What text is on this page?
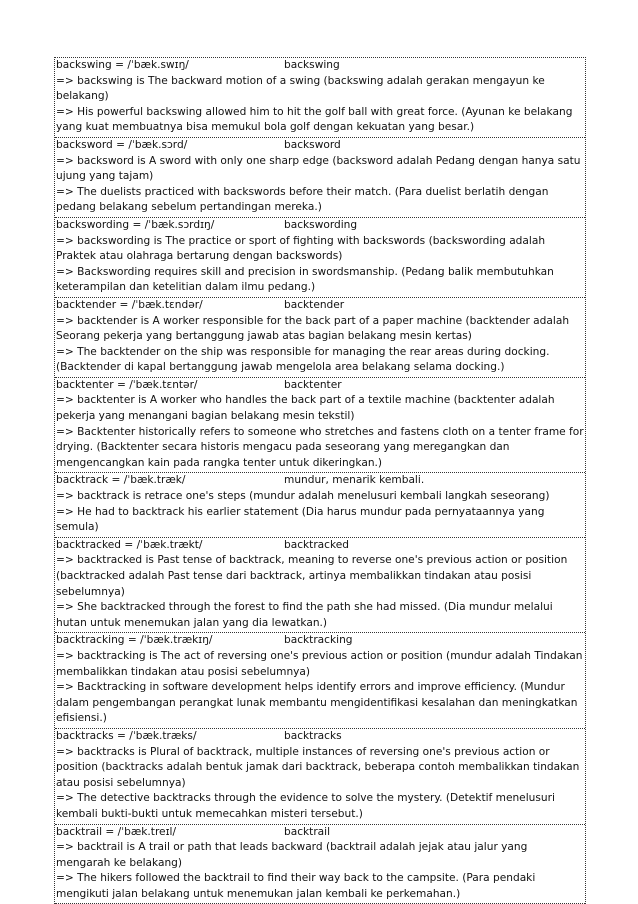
backswing = /ˈbæk.swɪŋ/	backswing
=> backswing is The backward motion of a swing (backswing adalah gerakan mengayun ke belakang)
=> His powerful backswing allowed him to hit the golf ball with great force. (Ayunan ke belakang yang kuat membuatnya bisa memukul bola golf dengan kekuatan yang besar.)
backsword = /ˈbæk.sɔrd/	backsword
=> backsword is A sword with only one sharp edge (backsword adalah Pedang dengan hanya satu ujung yang tajam)
=> The duelists practiced with backswords before their match. (Para duelist berlatih dengan pedang belakang sebelum pertandingan mereka.)
backswording = /ˈbæk.sɔrdɪŋ/	backswording
=> backswording is The practice or sport of fighting with backswords (backswording adalah Praktek atau olahraga bertarung dengan backswords)
=> Backswording requires skill and precision in swordsmanship. (Pedang balik membutuhkan keterampilan dan ketelitian dalam ilmu pedang.)
backtender = /ˈbæk.tɛndər/	backtender
=> backtender is A worker responsible for the back part of a paper machine (backtender adalah Seorang pekerja yang bertanggung jawab atas bagian belakang mesin kertas)
=> The backtender on the ship was responsible for managing the rear areas during docking. (Backtender di kapal bertanggung jawab mengelola area belakang selama docking.)
backtenter = /ˈbæk.tɛntər/	backtenter
=> backtenter is A worker who handles the back part of a textile machine (backtenter adalah pekerja yang menangani bagian belakang mesin tekstil)
=> Backtenter historically refers to someone who stretches and fastens cloth on a tenter frame for drying. (Backtenter secara historis mengacu pada seseorang yang meregangkan dan mengencangkan kain pada rangka tenter untuk dikeringkan.)
backtrack = /ˈbæk.træk/	mundur, menarik kembali.
=> backtrack is retrace one's steps (mundur adalah menelusuri kembali langkah seseorang)
=> He had to backtrack his earlier statement (Dia harus mundur pada pernyataannya yang semula)
backtracked = /ˈbæk.trækt/	backtracked
=> backtracked is Past tense of backtrack, meaning to reverse one's previous action or position (backtracked adalah Past tense dari backtrack, artinya membalikkan tindakan atau posisi sebelumnya)
=> She backtracked through the forest to find the path she had missed. (Dia mundur melalui hutan untuk menemukan jalan yang dia lewatkan.)
backtracking = /ˈbæk.trækɪŋ/	backtracking
=> backtracking is The act of reversing one's previous action or position (mundur adalah Tindakan membalikkan tindakan atau posisi sebelumnya)
=> Backtracking in software development helps identify errors and improve efficiency. (Mundur dalam pengembangan perangkat lunak membantu mengidentifikasi kesalahan dan meningkatkan efisiensi.)
backtracks = /ˈbæk.træks/	backtracks
=> backtracks is Plural of backtrack, multiple instances of reversing one's previous action or position (backtracks adalah bentuk jamak dari backtrack, beberapa contoh membalikkan tindakan atau posisi sebelumnya)
=> The detective backtracks through the evidence to solve the mystery. (Detektif menelusuri kembali bukti-bukti untuk memecahkan misteri tersebut.)
backtrail = /ˈbæk.treɪl/	backtrail
=> backtrail is A trail or path that leads backward (backtrail adalah jejak atau jalur yang mengarah ke belakang)
=> The hikers followed the backtrail to find their way back to the campsite. (Para pendaki mengikuti jalan belakang untuk menemukan jalan kembali ke perkemahan.)
